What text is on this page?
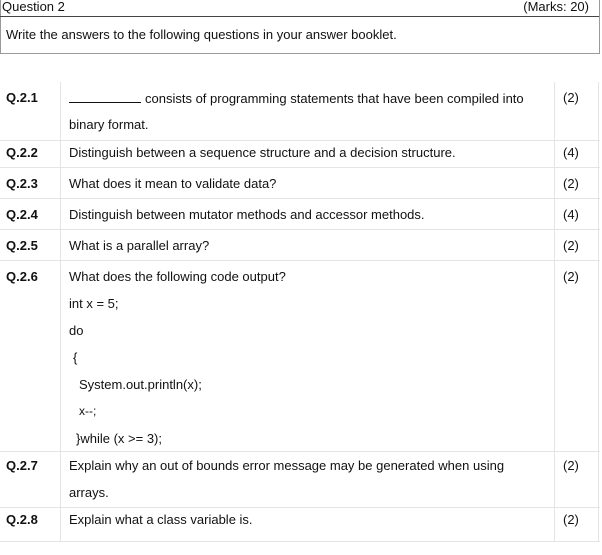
Question 2	(Marks: 20)
Write the answers to the following questions in your answer booklet.
Q.2.1	consists of programming statements that have been compiled into
binary format.
(2)
Q.2.2 Distinguish between a sequence structure and a decision structure.	(4)
Q.2.3 What does it mean to validate data?	(2)
Q.2.4 Distinguish between mutator methods and accessor methods.	(4)
Q.2.5 What is a parallel array?	(2)
Q.2.6 What does the following code output?	(2)
int x = 5;
do
{
System.out.println(x);
x--;
}while (x >= 3);
Q.2.7 Explain why an out of bounds error message may be generated when using
arrays.
(2)
Q.2.8 Explain what a class variable is.	(2)
